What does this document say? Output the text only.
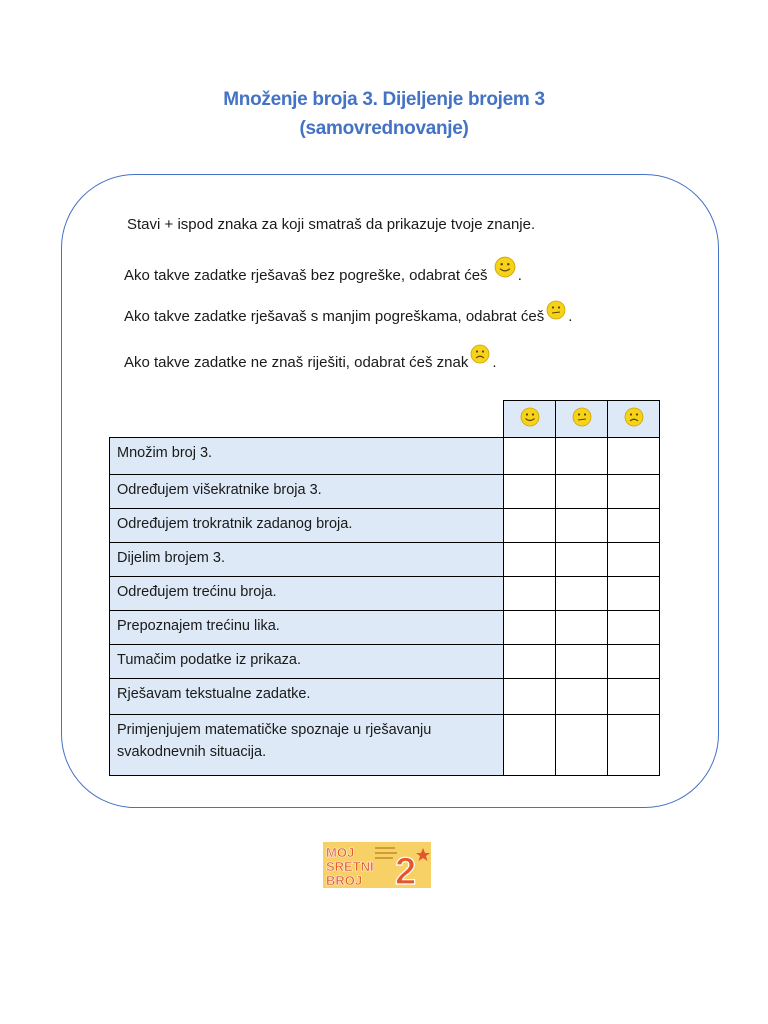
Množenje broja 3. Dijeljenje brojem 3
(samovrednovanje)
Stavi + ispod znaka za koji smatraš da prikazuje tvoje znanje.
Ako takve zadatke rješavaš bez pogreške, odabrat ćeš .
Ako takve zadatke rješavaš s manjim pogreškama, odabrat ćeš .
Ako takve zadatke ne znaš riješiti, odabrat ćeš znak .

Množim broj 3.			
Određujem višekratnike broja 3.			
Određujem trokratnik zadanog broja.			
Dijelim brojem 3.			
Određujem trećinu broja.			
Prepoznajem trećinu lika.			
Tumačim podatke iz prikaza.			
Rješavam tekstualne zadatke.			
Primjenjujem matematičke spoznaje u rješavanju svakodnevnih situacija.			
MOJ
SRETNI
BROJ 2
